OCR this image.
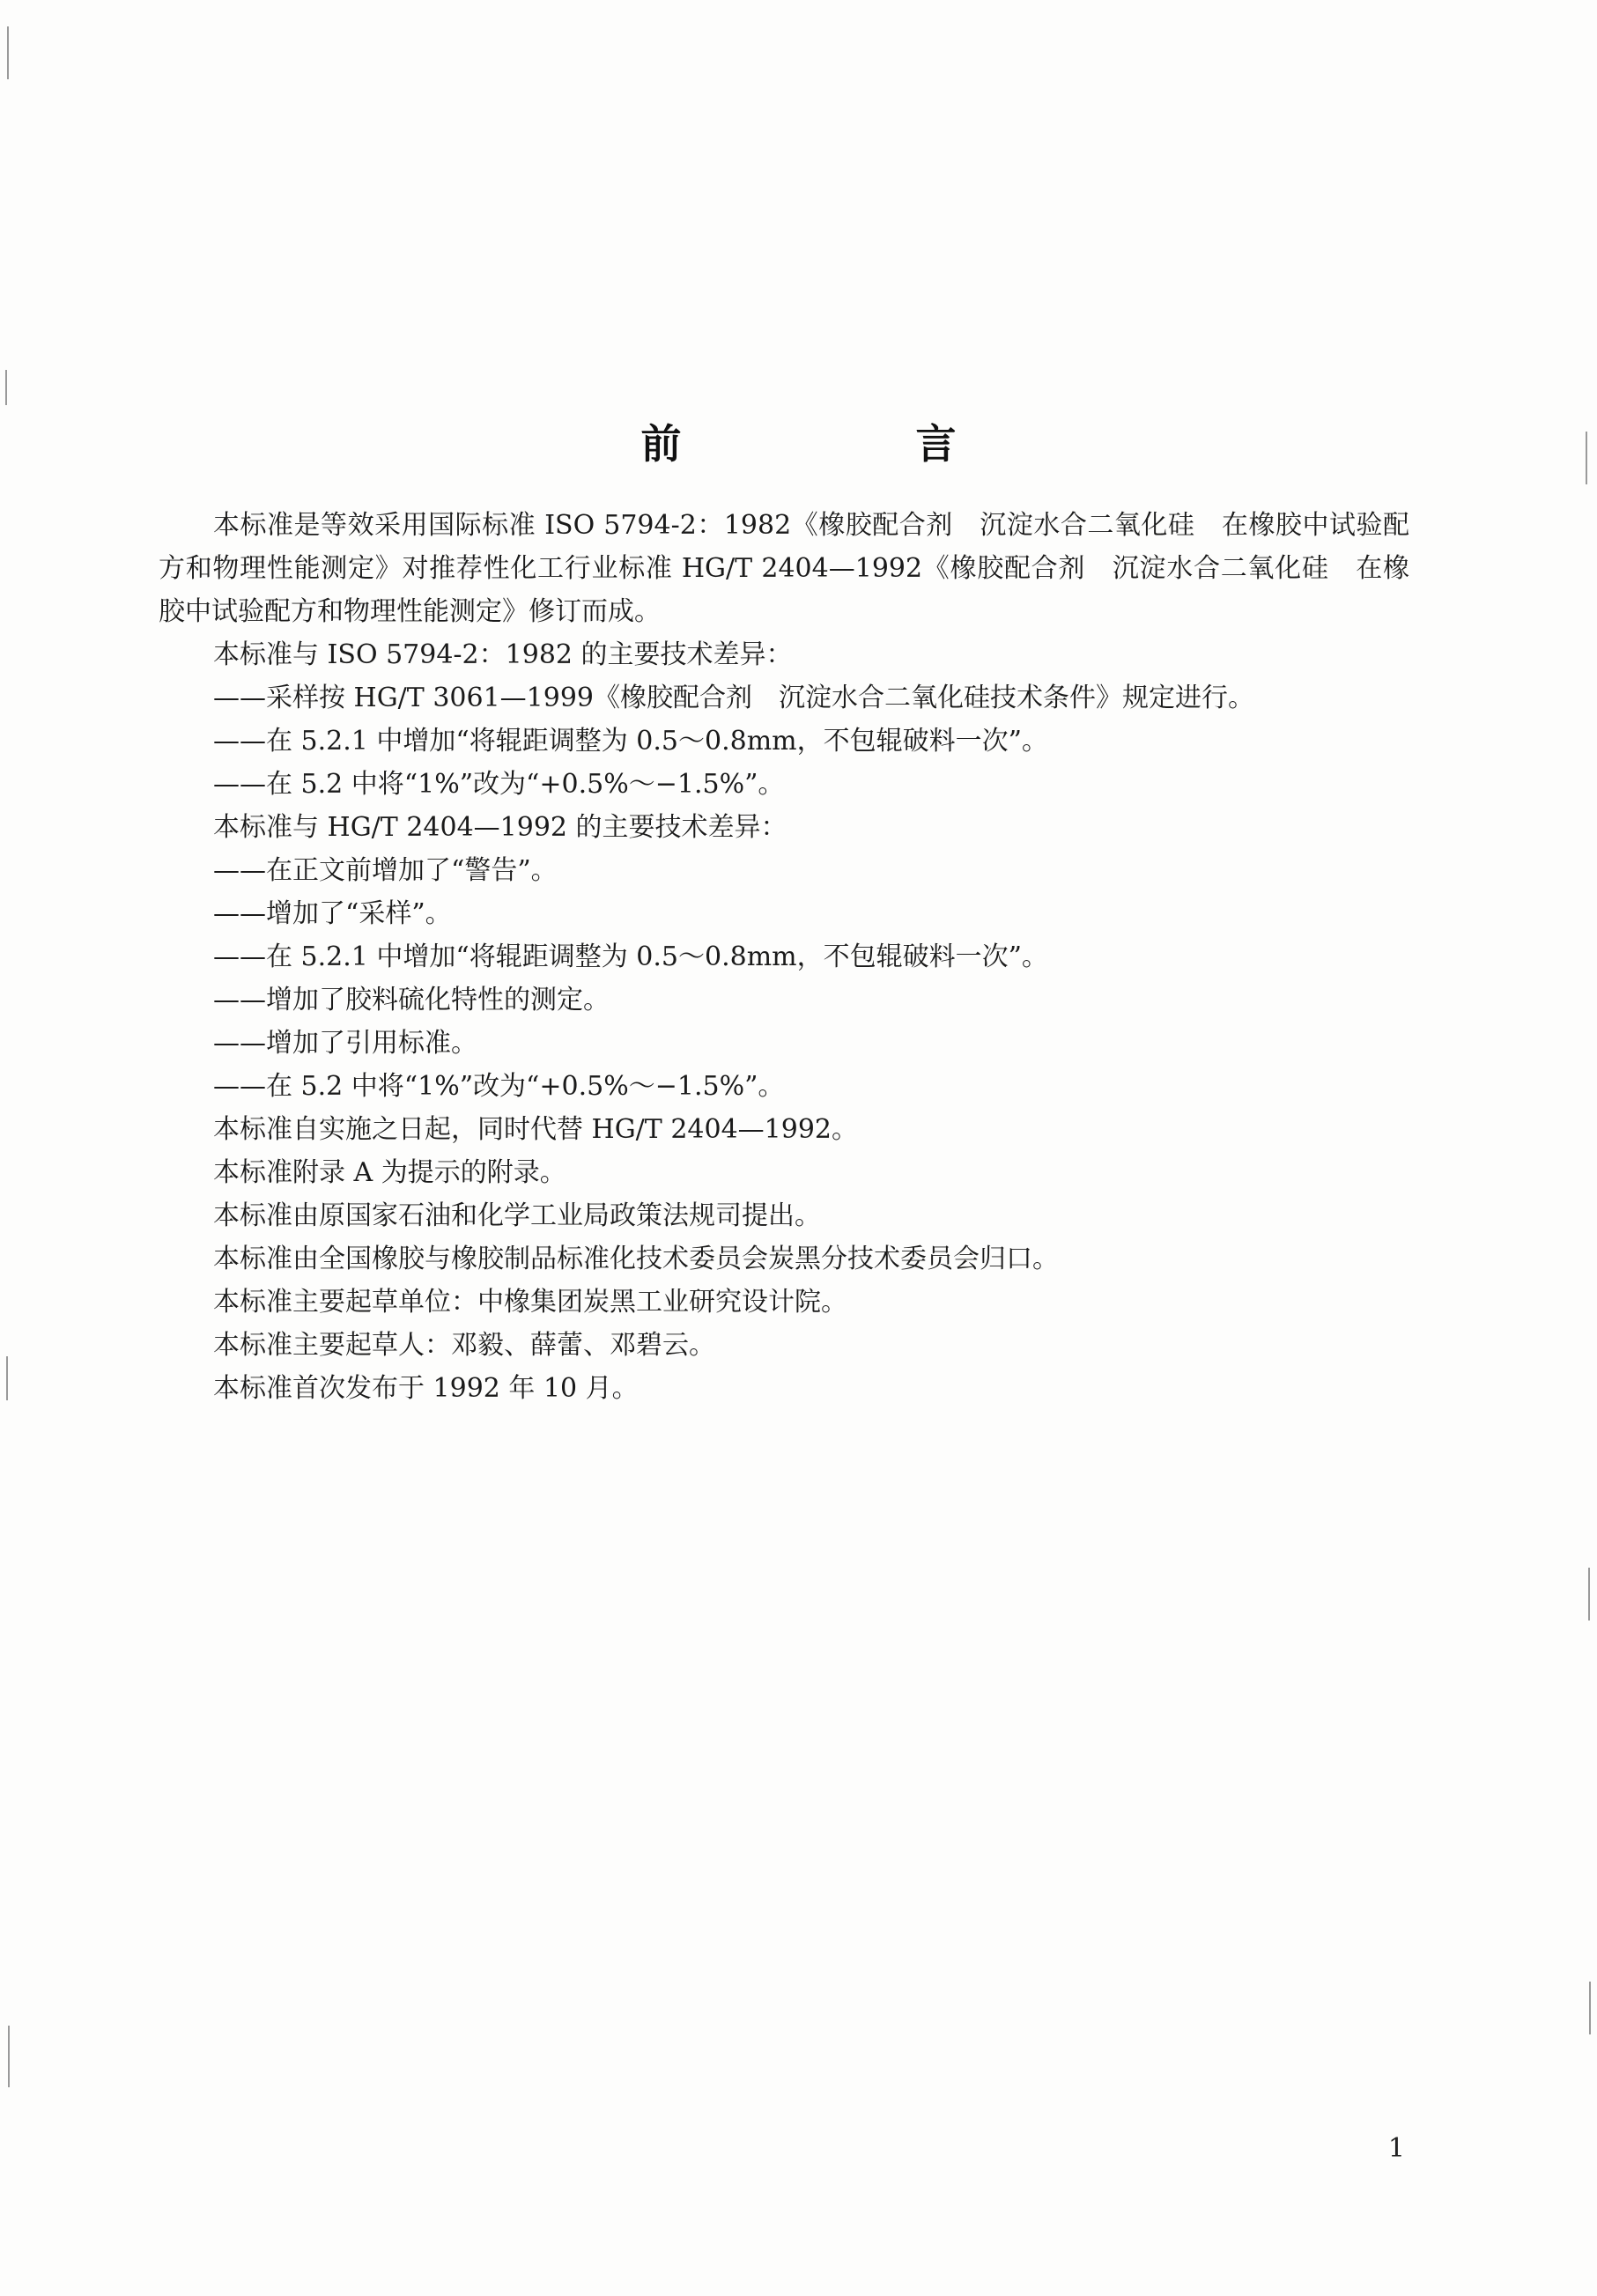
前　言

本标准是等效采用国际标准 ISO 5794-2：1982《橡胶配合剂　沉淀水合二氧化硅　在橡胶中试验配方和物理性能测定》对推荐性化工行业标准 HG/T 2404—1992《橡胶配合剂　沉淀水合二氧化硅　在橡胶中试验配方和物理性能测定》修订而成。

本标准与 ISO 5794-2：1982 的主要技术差异：

——采样按 HG/T 3061—1999《橡胶配合剂　沉淀水合二氧化硅技术条件》规定进行。

——在 5.2.1 中增加“将辊距调整为 0.5～0.8mm，不包辊破料一次”。

——在 5.2 中将“1%”改为“+0.5%～−1.5%”。

本标准与 HG/T 2404—1992 的主要技术差异：

——在正文前增加了“警告”。

——增加了“采样”。

——在 5.2.1 中增加“将辊距调整为 0.5～0.8mm，不包辊破料一次”。

——增加了胶料硫化特性的测定。

——增加了引用标准。

——在 5.2 中将“1%”改为“+0.5%～−1.5%”。

本标准自实施之日起，同时代替 HG/T 2404—1992。

本标准附录 A 为提示的附录。

本标准由原国家石油和化学工业局政策法规司提出。

本标准由全国橡胶与橡胶制品标准化技术委员会炭黑分技术委员会归口。

本标准主要起草单位：中橡集团炭黑工业研究设计院。

本标准主要起草人：邓毅、薛蕾、邓碧云。

本标准首次发布于 1992 年 10 月。

1
